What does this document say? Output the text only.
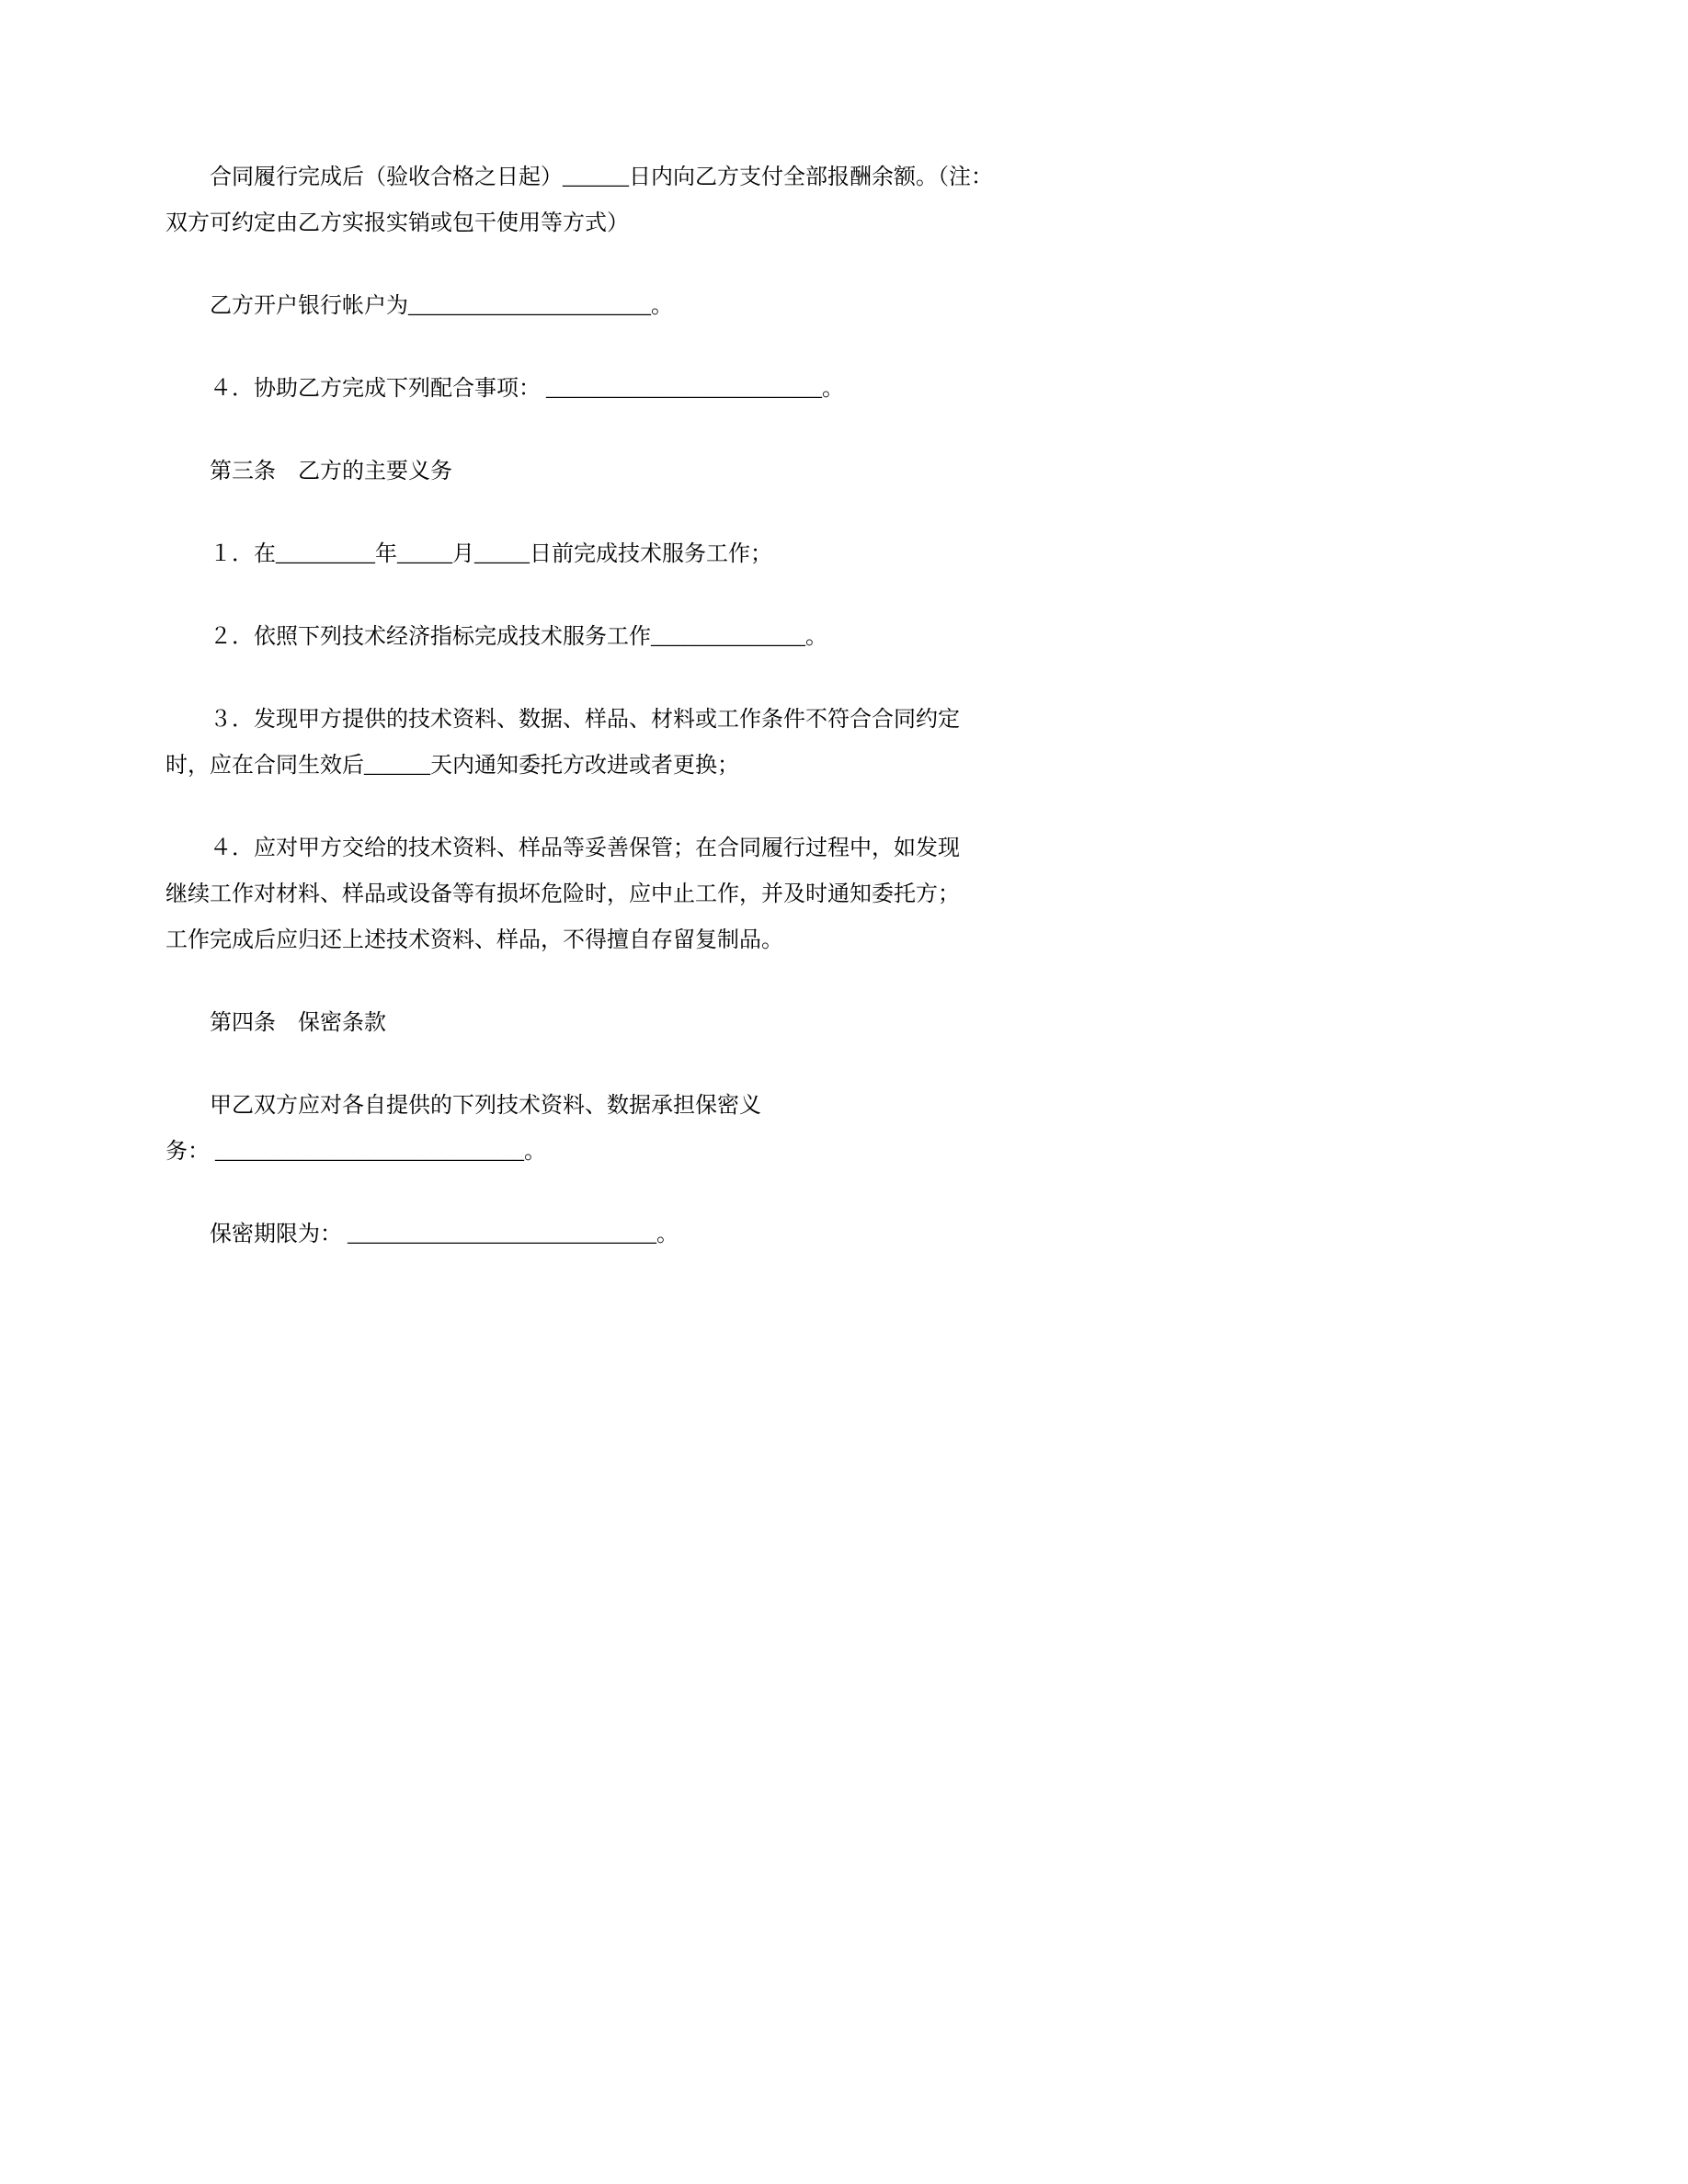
合同履行完成后（验收合格之日起）______日内向乙方支付全部报酬余额。（注：
双方可约定由乙方实报实销或包干使用等方式）

乙方开户银行帐户为______________________。

４．协助乙方完成下列配合事项： _________________________。

第三条　乙方的主要义务

１．在_________年_____月_____日前完成技术服务工作；

２．依照下列技术经济指标完成技术服务工作______________。

３．发现甲方提供的技术资料、数据、样品、材料或工作条件不符合合同约定
时，应在合同生效后______天内通知委托方改进或者更换；

４．应对甲方交给的技术资料、样品等妥善保管；在合同履行过程中，如发现
继续工作对材料、样品或设备等有损坏危险时，应中止工作，并及时通知委托方；
工作完成后应归还上述技术资料、样品，不得擅自存留复制品。

第四条　保密条款

甲乙双方应对各自提供的下列技术资料、数据承担保密义
务： ____________________________。

保密期限为： ____________________________。
